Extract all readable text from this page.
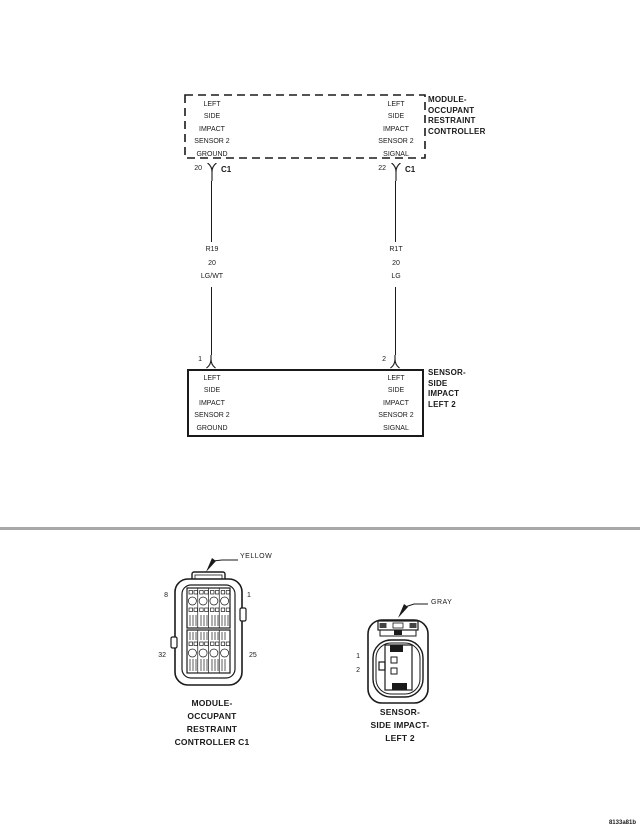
LEFT
SIDE
IMPACT
SENSOR 2
GROUND
LEFT
SIDE
IMPACT
SENSOR 2
SIGNAL
MODULE-
OCCUPANT
RESTRAINT
CONTROLLER
20 C1	22 C1
R19
20
LG/WT
R1T
20
LG
1	2
LEFT
SIDE
IMPACT
SENSOR 2
GROUND
LEFT
SIDE
IMPACT
SENSOR 2
SIGNAL
SENSOR-
SIDE
IMPACT
LEFT 2
YELLOW
8	1
32	25
MODULE-
OCCUPANT
RESTRAINT
CONTROLLER C1
GRAY
1
2
SENSOR-
SIDE IMPACT-
LEFT 2
8133a81b
